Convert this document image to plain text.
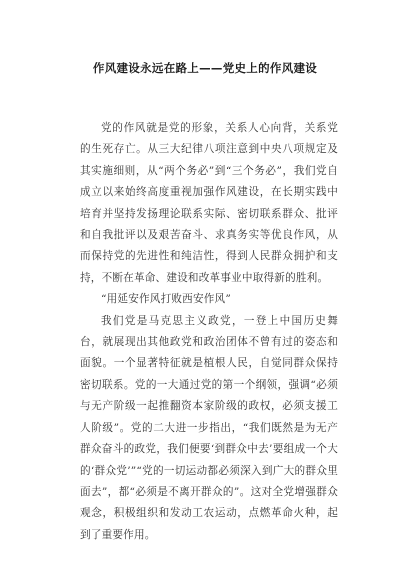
作风建设永远在路上——党史上的作风建设

党的作风就是党的形象，关系人心向背，关系党的生死存亡。从三大纪律八项注意到中央八项规定及其实施细则，从“两个务必”到“三个务必”，我们党自成立以来始终高度重视加强作风建设，在长期实践中培育并坚持发扬理论联系实际、密切联系群众、批评和自我批评以及艰苦奋斗、求真务实等优良作风，从而保持党的先进性和纯洁性，得到人民群众拥护和支持，不断在革命、建设和改革事业中取得新的胜利。

“用延安作风打败西安作风”

我们党是马克思主义政党，一登上中国历史舞台，就展现出其他政党和政治团体不曾有过的姿态和面貌。一个显著特征就是植根人民，自觉同群众保持密切联系。党的一大通过党的第一个纲领，强调“必须与无产阶级一起推翻资本家阶级的政权，必须支援工人阶级”。党的二大进一步指出，“我们既然是为无产群众奋斗的政党，我们便要‘到群众中去’要组成一个大的‘群众党’”“党的一切运动都必须深入到广大的群众里面去”，都“必须是不离开群众的”。这对全党增强群众观念，积极组织和发动工农运动，点燃革命火种，起到了重要作用。
